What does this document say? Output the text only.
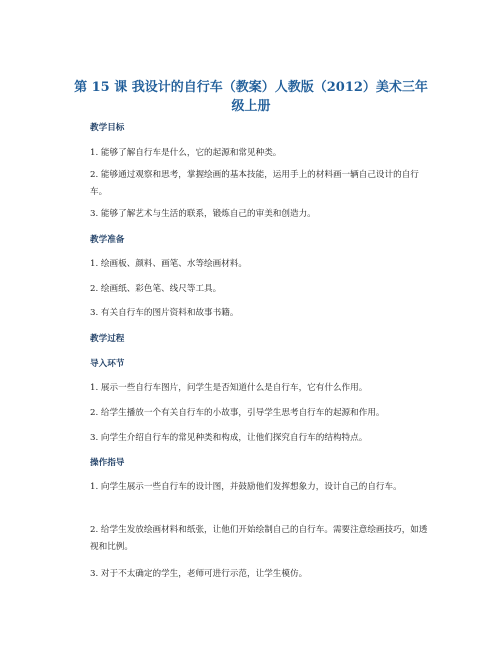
第 15 课 我设计的自行车（教案）人教版（2012）美术三年级上册
教学目标
1. 能够了解自行车是什么，它的起源和常见种类。
2. 能够通过观察和思考，掌握绘画的基本技能，运用手上的材料画一辆自己设计的自行车。
3. 能够了解艺术与生活的联系，锻炼自己的审美和创造力。
教学准备
1. 绘画板、颜料、画笔、水等绘画材料。
2. 绘画纸、彩色笔、线尺等工具。
3. 有关自行车的图片资料和故事书籍。
教学过程
导入环节
1. 展示一些自行车图片，问学生是否知道什么是自行车，它有什么作用。
2. 给学生播放一个有关自行车的小故事，引导学生思考自行车的起源和作用。
3. 向学生介绍自行车的常见种类和构成，让他们探究自行车的结构特点。
操作指导
1. 向学生展示一些自行车的设计图，并鼓励他们发挥想象力，设计自己的自行车。
2. 给学生发放绘画材料和纸张，让他们开始绘制自己的自行车。需要注意绘画技巧，如透视和比例。
3. 对于不太确定的学生，老师可进行示范，让学生模仿。
